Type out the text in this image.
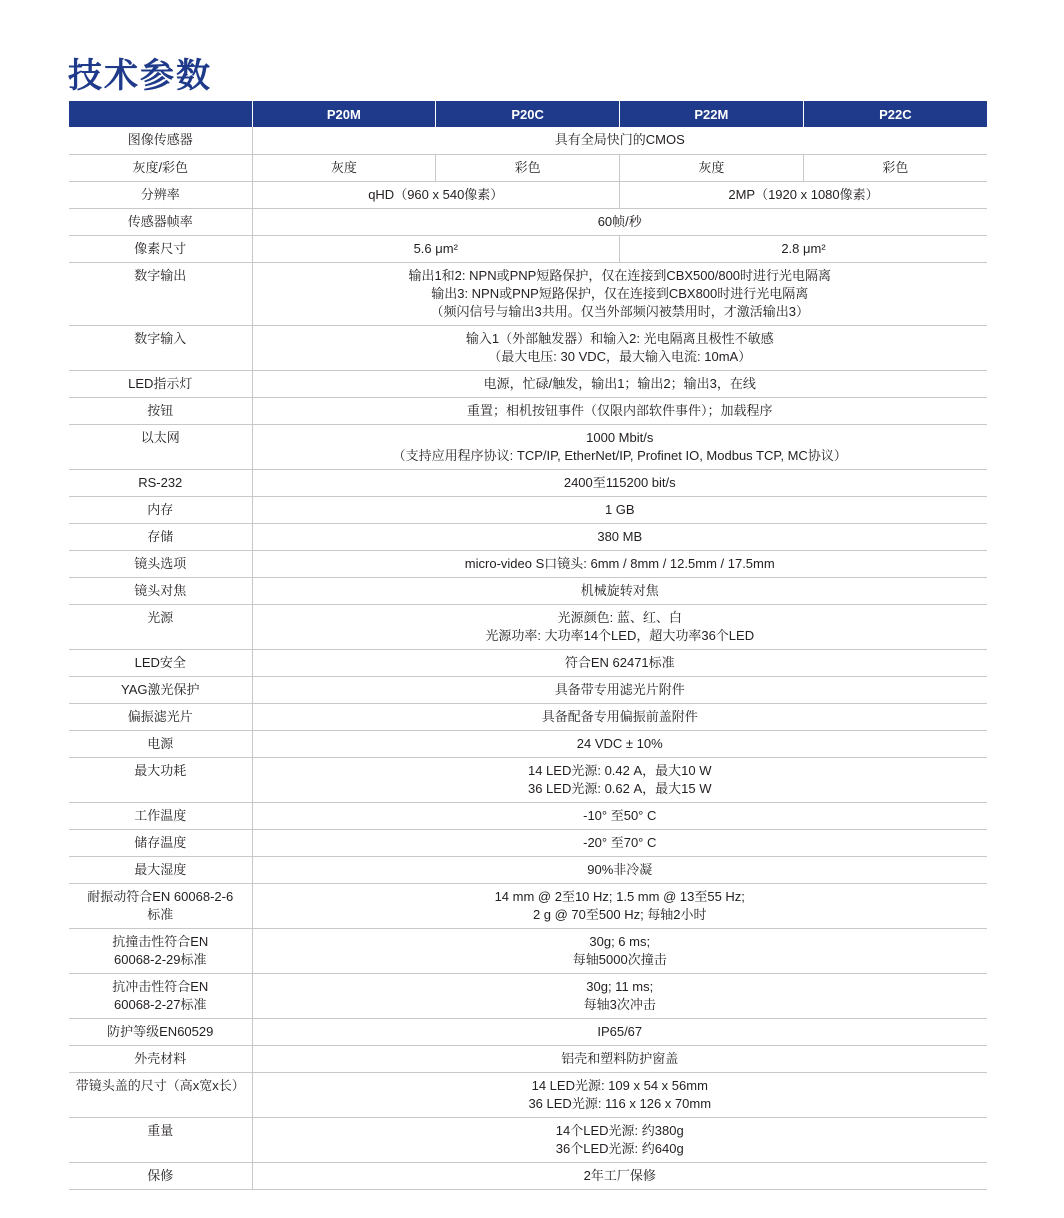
技术参数
	P20M	P20C	P22M	P22C

图像传感器	具有全局快门的CMOS			

灰度/彩色	灰度	彩色	灰度	彩色

分辨率	qHD（960 x 540像素）		2MP（1920 x 1080像素）	

传感器帧率	60帧/秒			

像素尺寸	5.6 μm²		2.8 μm²	

数字输出	输出1和2: NPN或PNP短路保护，仅在连接到CBX500/800时进行光电隔离
输出3: NPN或PNP短路保护，仅在连接到CBX800时进行光电隔离
（频闪信号与输出3共用。仅当外部频闪被禁用时，才激活输出3）			

数字输入	输入1（外部触发器）和输入2: 光电隔离且极性不敏感
（最大电压: 30 VDC，最大输入电流: 10mA）			

LED指示灯	电源，忙碌/触发，输出1；输出2；输出3，在线			

按钮	重置；相机按钮事件（仅限内部软件事件）；加载程序			

以太网	1000 Mbit/s
（支持应用程序协议: TCP/IP, EtherNet/IP, Profinet IO, Modbus TCP, MC协议）			

RS-232	2400至115200 bit/s			

内存	1 GB			

存储	380 MB			

镜头选项	micro-video S口镜头: 6mm / 8mm / 12.5mm / 17.5mm			

镜头对焦	机械旋转对焦			

光源	光源颜色: 蓝、红、白
光源功率: 大功率14个LED，超大功率36个LED			

LED安全	符合EN 62471标准			

YAG激光保护	具备带专用滤光片附件			

偏振滤光片	具备配备专用偏振前盖附件			

电源	24 VDC ± 10%			

最大功耗	14 LED光源: 0.42 A，最大10 W
36 LED光源: 0.62 A，最大15 W			

工作温度	-10° 至50° C			

储存温度	-20° 至70° C			

最大湿度	90%非冷凝			

耐振动符合EN 60068-2-6
标准	14 mm @ 2至10 Hz; 1.5 mm @ 13至55 Hz;
2 g @ 70至500 Hz; 每轴2小时			

抗撞击性符合EN
60068-2-29标准	30g; 6 ms;
每轴5000次撞击			

抗冲击性符合EN
60068-2-27标准	30g; 11 ms;
每轴3次冲击			

防护等级EN60529	IP65/67			

外壳材料	铝壳和塑料防护窗盖			

带镜头盖的尺寸（高x宽x长）	14 LED光源: 109 x 54 x 56mm
36 LED光源: 116 x 126 x 70mm			

重量	14个LED光源: 约380g
36个LED光源: 约640g			

保修	2年工厂保修			
